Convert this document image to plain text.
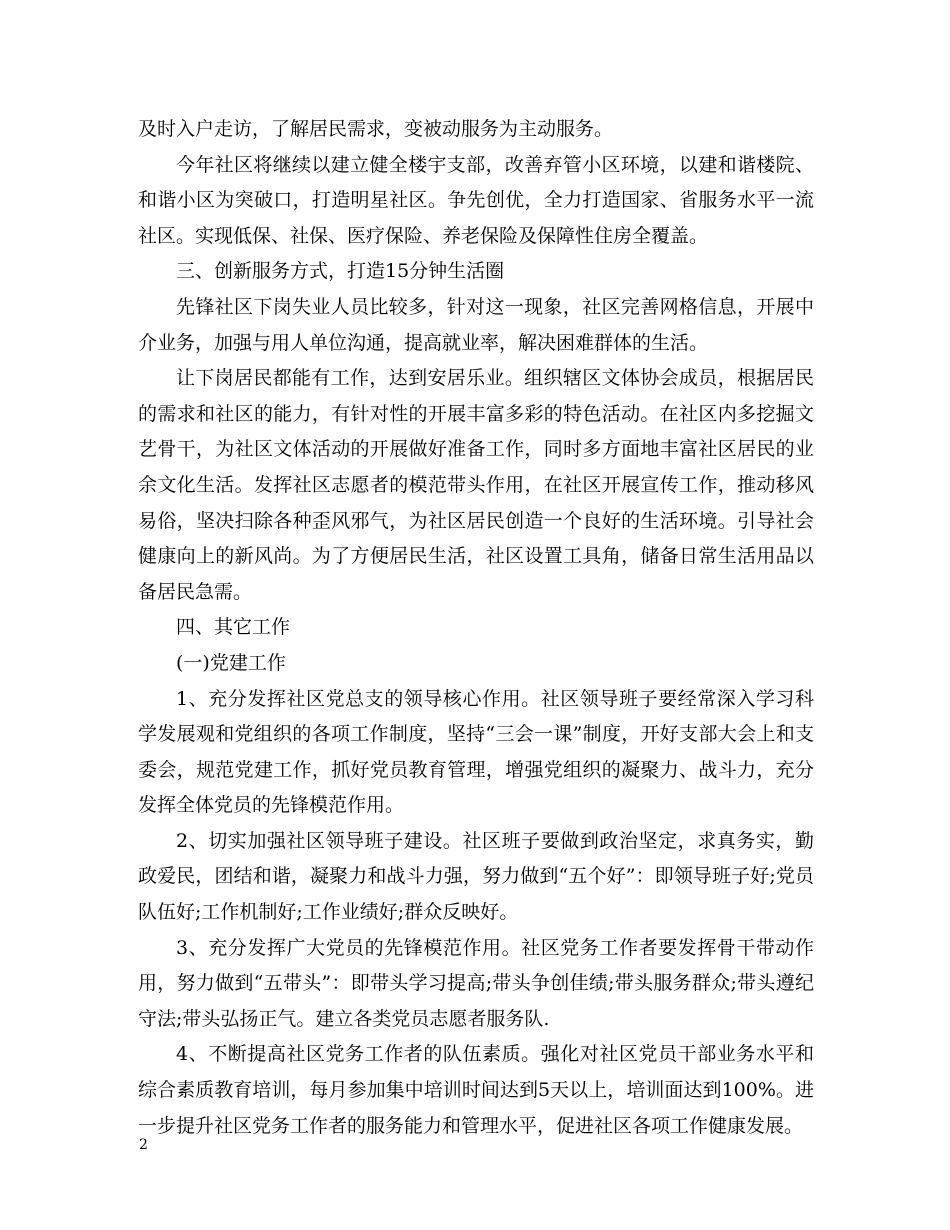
及时入户走访，了解居民需求，变被动服务为主动服务。

今年社区将继续以建立健全楼宇支部，改善弃管小区环境，以建和谐楼院、和谐小区为突破口，打造明星社区。争先创优，全力打造国家、省服务水平一流社区。实现低保、社保、医疗保险、养老保险及保障性住房全覆盖。

三、创新服务方式，打造15分钟生活圈

先锋社区下岗失业人员比较多，针对这一现象，社区完善网格信息，开展中介业务，加强与用人单位沟通，提高就业率，解决困难群体的生活。

让下岗居民都能有工作，达到安居乐业。组织辖区文体协会成员，根据居民的需求和社区的能力，有针对性的开展丰富多彩的特色活动。在社区内多挖掘文艺骨干，为社区文体活动的开展做好准备工作，同时多方面地丰富社区居民的业余文化生活。发挥社区志愿者的模范带头作用，在社区开展宣传工作，推动移风易俗，坚决扫除各种歪风邪气，为社区居民创造一个良好的生活环境。引导社会健康向上的新风尚。为了方便居民生活，社区设置工具角，储备日常生活用品以备居民急需。

四、其它工作

(一)党建工作

1、充分发挥社区党总支的领导核心作用。社区领导班子要经常深入学习科学发展观和党组织的各项工作制度，坚持“三会一课”制度，开好支部大会上和支委会，规范党建工作，抓好党员教育管理，增强党组织的凝聚力、战斗力，充分发挥全体党员的先锋模范作用。

2、切实加强社区领导班子建设。社区班子要做到政治坚定，求真务实，勤政爱民，团结和谐，凝聚力和战斗力强，努力做到“五个好”：即领导班子好;党员队伍好;工作机制好;工作业绩好;群众反映好。

3、充分发挥广大党员的先锋模范作用。社区党务工作者要发挥骨干带动作用，努力做到“五带头”：即带头学习提高;带头争创佳绩;带头服务群众;带头遵纪守法;带头弘扬正气。建立各类党员志愿者服务队.

4、不断提高社区党务工作者的队伍素质。强化对社区党员干部业务水平和综合素质教育培训，每月参加集中培训时间达到5天以上，培训面达到100%。进一步提升社区党务工作者的服务能力和管理水平，促进社区各项工作健康发展。

2
